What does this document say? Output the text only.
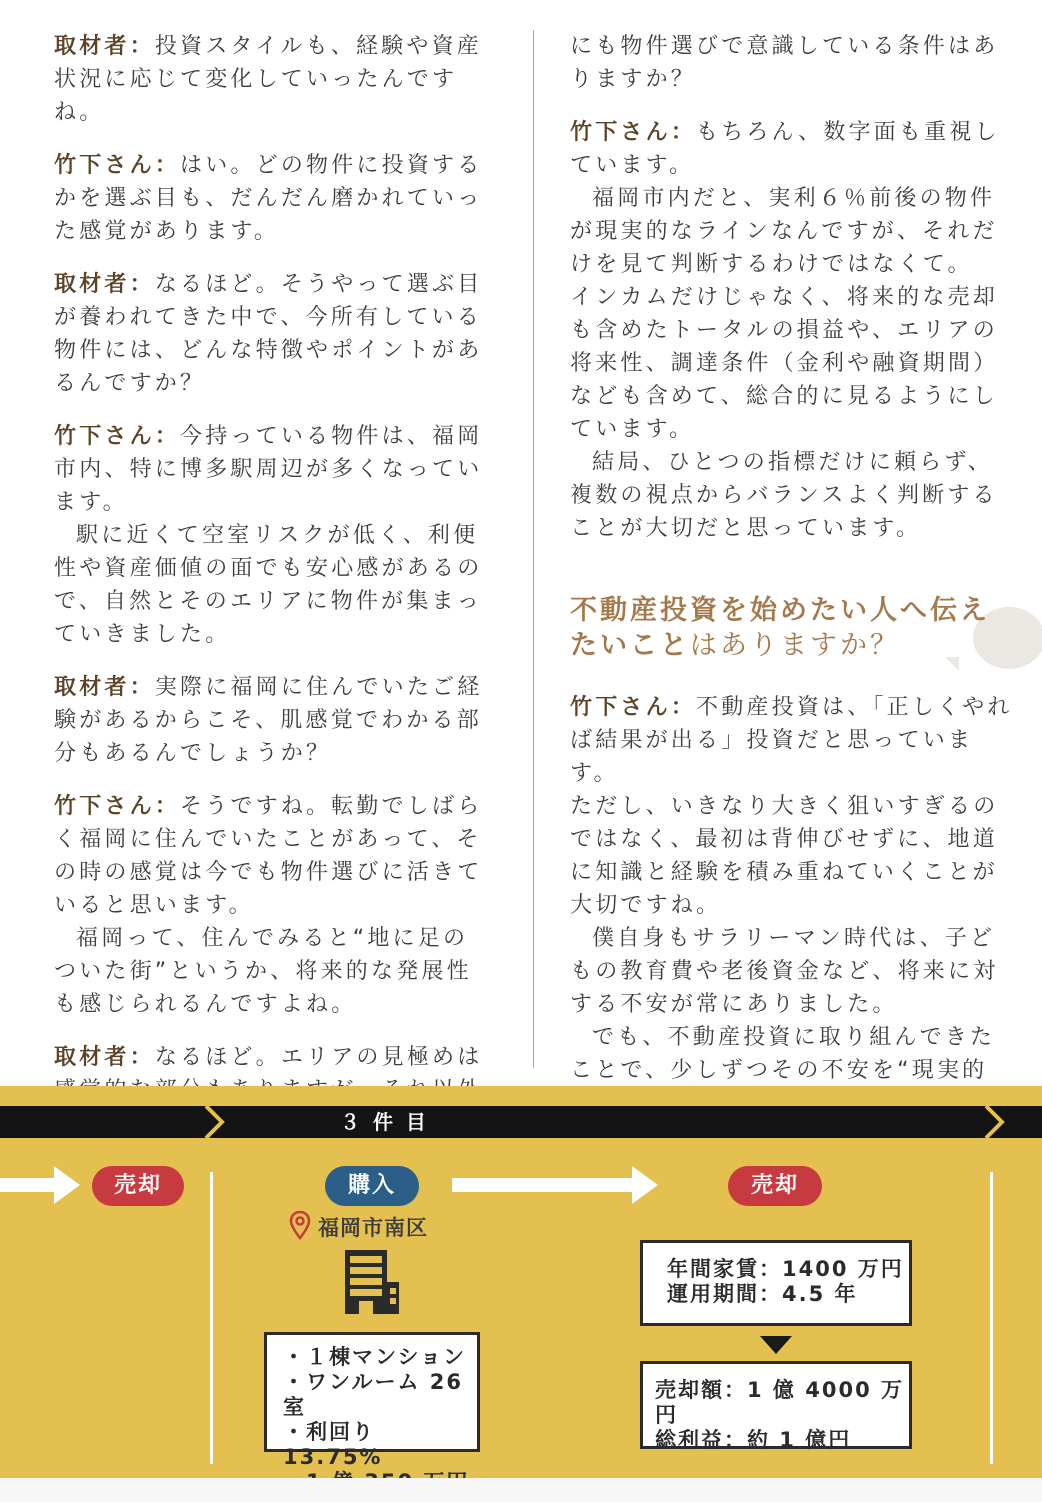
取材者：投資スタイルも、経験や資産
状況に応じて変化していったんですね。
竹下さん：はい。どの物件に投資する
かを選ぶ目も、だんだん磨かれていっ
た感覚があります。
取材者：なるほど。そうやって選ぶ目
が養われてきた中で、今所有している
物件には、どんな特徴やポイントがあ
るんですか？
竹下さん：今持っている物件は、福岡
市内、特に博多駅周辺が多くなってい
ます。
駅に近くて空室リスクが低く、利便
性や資産価値の面でも安心感があるの
で、自然とそのエリアに物件が集まっ
ていきました。
取材者：実際に福岡に住んでいたご経
験があるからこそ、肌感覚でわかる部
分もあるんでしょうか？
竹下さん：そうですね。転勤でしばら
く福岡に住んでいたことがあって、そ
の時の感覚は今でも物件選びに活きて
いると思います。
福岡って、住んでみると“地に足の
ついた街”というか、将来的な発展性
も感じられるんですよね。
取材者：なるほど。エリアの見極めは
にも物件選びで意識している条件はあ
りますか？
竹下さん：もちろん、数字面も重視し
ています。
福岡市内だと、実利６％前後の物件
が現実的なラインなんですが、それだ
けを見て判断するわけではなくて。
インカムだけじゃなく、将来的な売却
も含めたトータルの損益や、エリアの
将来性、調達条件（金利や融資期間）
なども含めて、総合的に見るようにし
ています。
結局、ひとつの指標だけに頼らず、
複数の視点からバランスよく判断する
ことが大切だと思っています。
不動産投資を始めたい人へ伝え
たいことはありますか？
竹下さん：不動産投資は、「正しくやれ
ば結果が出る」投資だと思っています。
ただし、いきなり大きく狙いすぎるの
ではなく、最初は背伸びせずに、地道
に知識と経験を積み重ねていくことが
大切ですね。
僕自身もサラリーマン時代は、子ど
もの教育費や老後資金など、将来に対
する不安が常にありました。
でも、不動産投資に取り組んできた
ことで、少しずつその不安を“現実的
３ 件 目
売却	購入	売却
福岡市南区
・１棟マンション
・ワンルーム 26 室
・利回り 13.75%
年間家賃：1400 万円
運用期間：4.5 年
売却額：1 億 4000 万円
総利益：約 1 億円
